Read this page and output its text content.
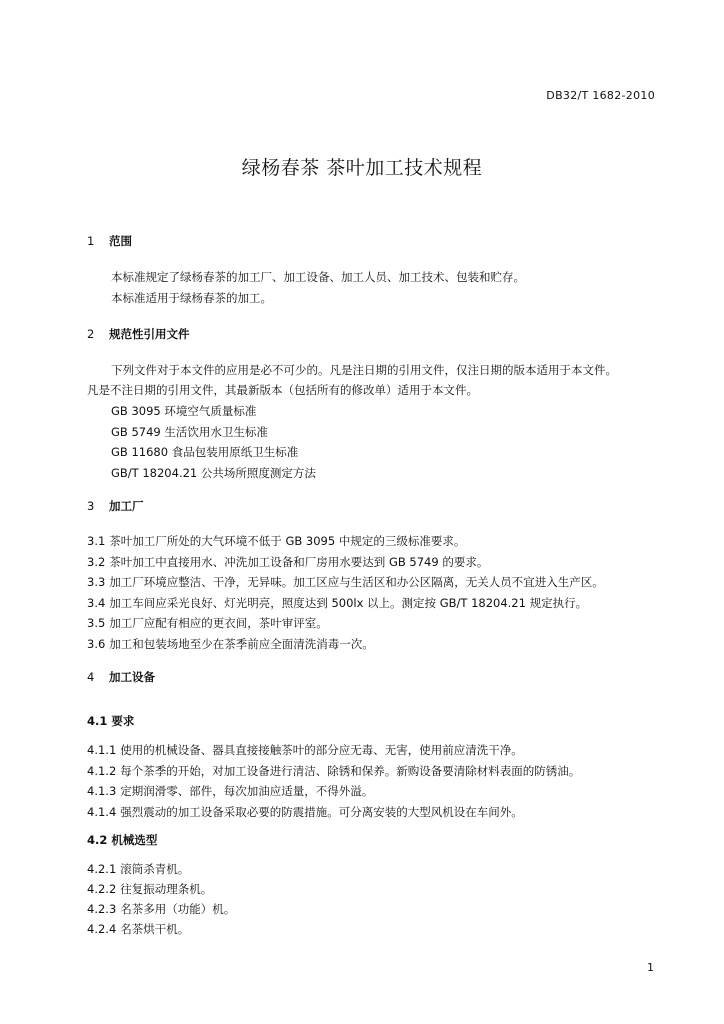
DB32/T 1682-2010
绿杨春茶 茶叶加工技术规程
1 范围
本标准规定了绿杨春茶的加工厂、加工设备、加工人员、加工技术、包装和贮存。
本标准适用于绿杨春茶的加工。
2 规范性引用文件
下列文件对于本文件的应用是必不可少的。凡是注日期的引用文件，仅注日期的版本适用于本文件。
凡是不注日期的引用文件，其最新版本（包括所有的修改单）适用于本文件。
GB 3095 环境空气质量标准
GB 5749 生活饮用水卫生标准
GB 11680 食品包装用原纸卫生标准
GB/T 18204.21 公共场所照度测定方法
3 加工厂
3.1 茶叶加工厂所处的大气环境不低于 GB 3095 中规定的三级标准要求。
3.2 茶叶加工中直接用水、冲洗加工设备和厂房用水要达到 GB 5749 的要求。
3.3 加工厂环境应整洁、干净，无异味。加工区应与生活区和办公区隔离，无关人员不宜进入生产区。
3.4 加工车间应采光良好、灯光明亮，照度达到 500lx 以上。测定按 GB/T 18204.21 规定执行。
3.5 加工厂应配有相应的更衣间，茶叶审评室。
3.6 加工和包装场地至少在茶季前应全面清洗消毒一次。
4 加工设备
4.1 要求
4.1.1 使用的机械设备、器具直接接触茶叶的部分应无毒、无害，使用前应清洗干净。
4.1.2 每个茶季的开始，对加工设备进行清洁、除锈和保养。新购设备要清除材料表面的防锈油。
4.1.3 定期润滑零、部件，每次加油应适量，不得外溢。
4.1.4 强烈震动的加工设备采取必要的防震措施。可分离安装的大型风机设在车间外。
4.2 机械选型
4.2.1 滚筒杀青机。
4.2.2 往复振动理条机。
4.2.3 名茶多用（功能）机。
4.2.4 名茶烘干机。
1
